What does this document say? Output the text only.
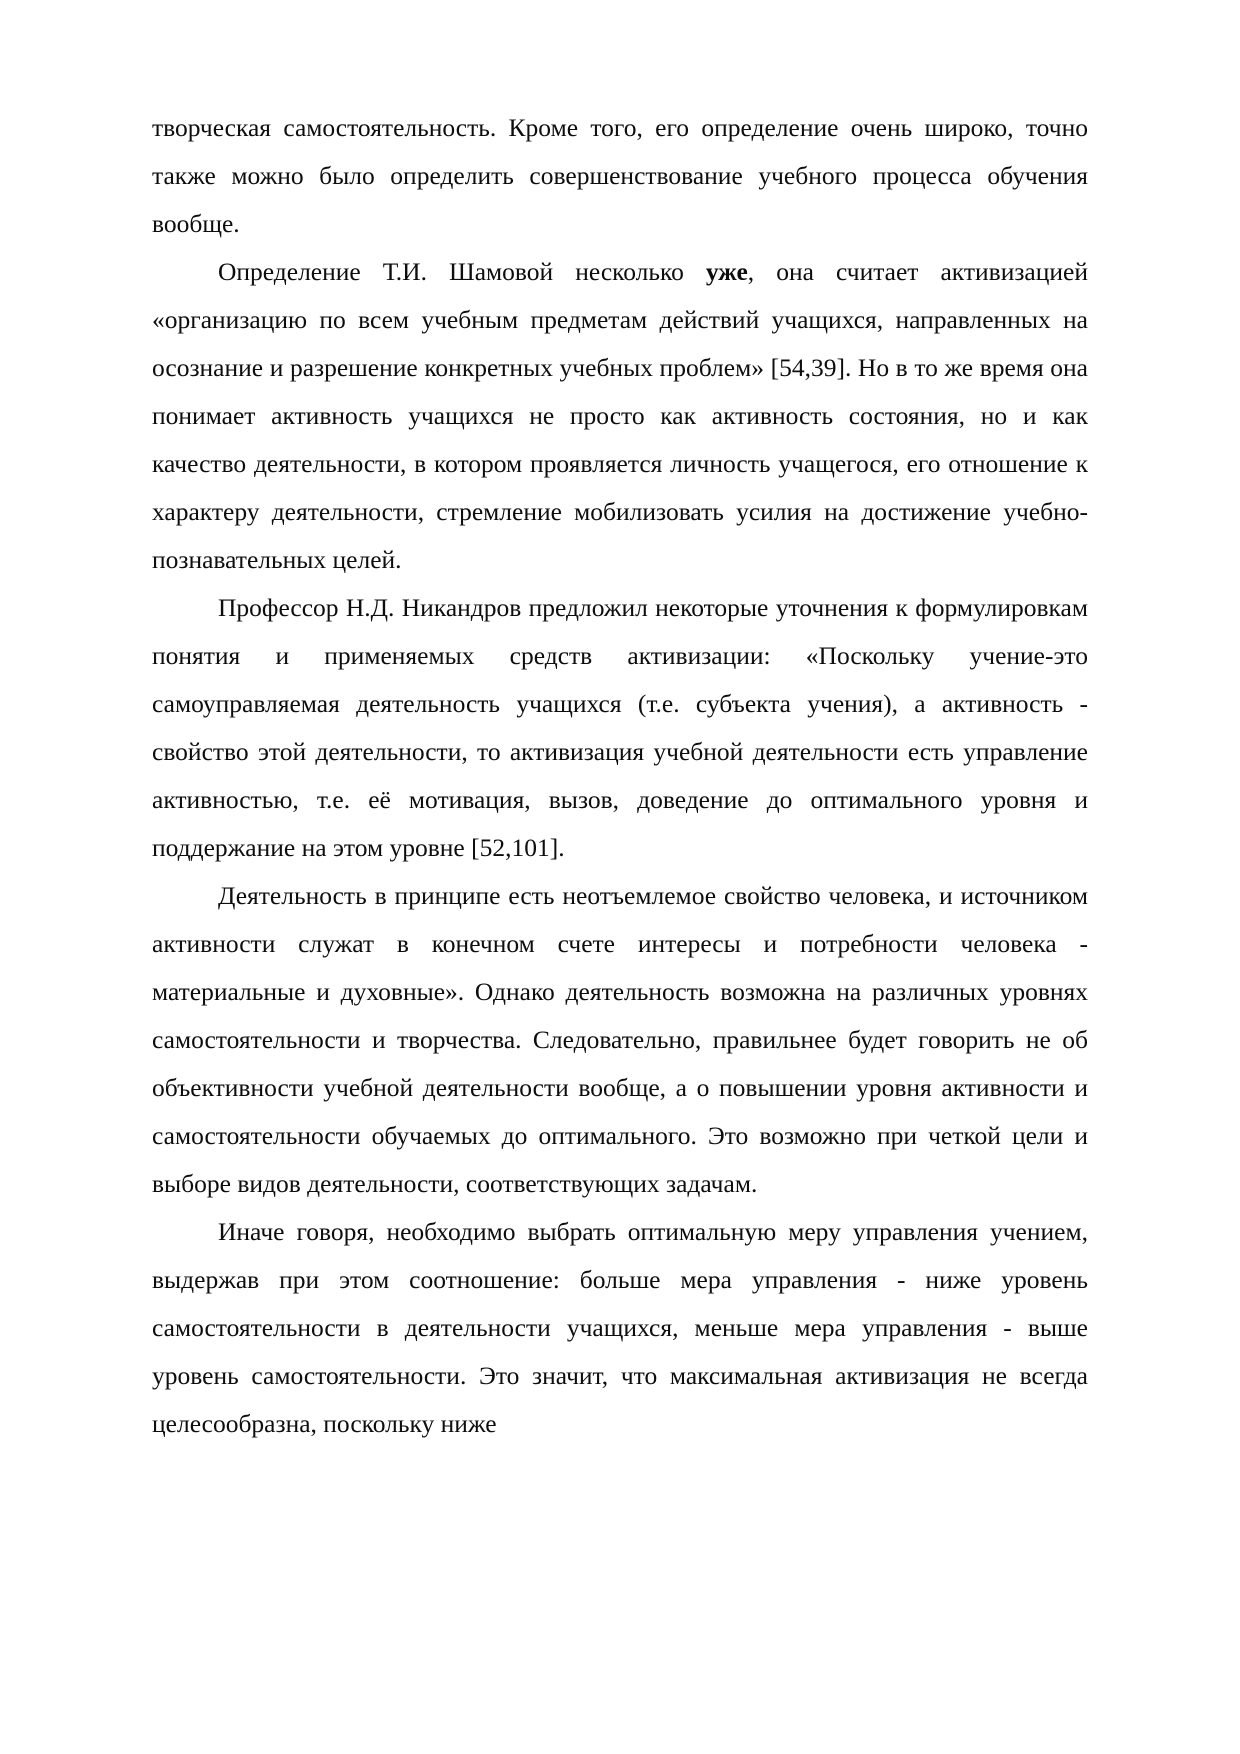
творческая самостоятельность. Кроме того, его определение очень широко, точно также можно было определить совершенствование учебного процесса обучения вообще.

Определение Т.И. Шамовой несколько уже, она считает активизацией «организацию по всем учебным предметам действий учащихся, направленных на осознание и разрешение конкретных учебных проблем» [54,39]. Но в то же время она понимает активность учащихся не просто как активность состояния, но и как качество деятельности, в котором проявляется личность учащегося, его отношение к характеру деятельности, стремление мобилизовать усилия на достижение учебно-познавательных целей.

Профессор Н.Д. Никандров предложил некоторые уточнения к формулировкам понятия и применяемых средств активизации: «Поскольку учение-это самоуправляемая деятельность учащихся (т.е. субъекта учения), а активность - свойство этой деятельности, то активизация учебной деятельности есть управление активностью, т.е. её мотивация, вызов, доведение до оптимального уровня и поддержание на этом уровне [52,101].

Деятельность в принципе есть неотъемлемое свойство человека, и источником активности служат в конечном счете интересы и потребности человека - материальные и духовные». Однако деятельность возможна на различных уровнях самостоятельности и творчества. Следовательно, правильнее будет говорить не об объективности учебной деятельности вообще, а о повышении уровня активности и самостоятельности обучаемых до оптимального. Это возможно при четкой цели и выборе видов деятельности, соответствующих задачам.

Иначе говоря, необходимо выбрать оптимальную меру управления учением, выдержав при этом соотношение: больше мера управления - ниже уровень самостоятельности в деятельности учащихся, меньше мера управления - выше уровень самостоятельности. Это значит, что максимальная активизация не всегда целесообразна, поскольку ниже
